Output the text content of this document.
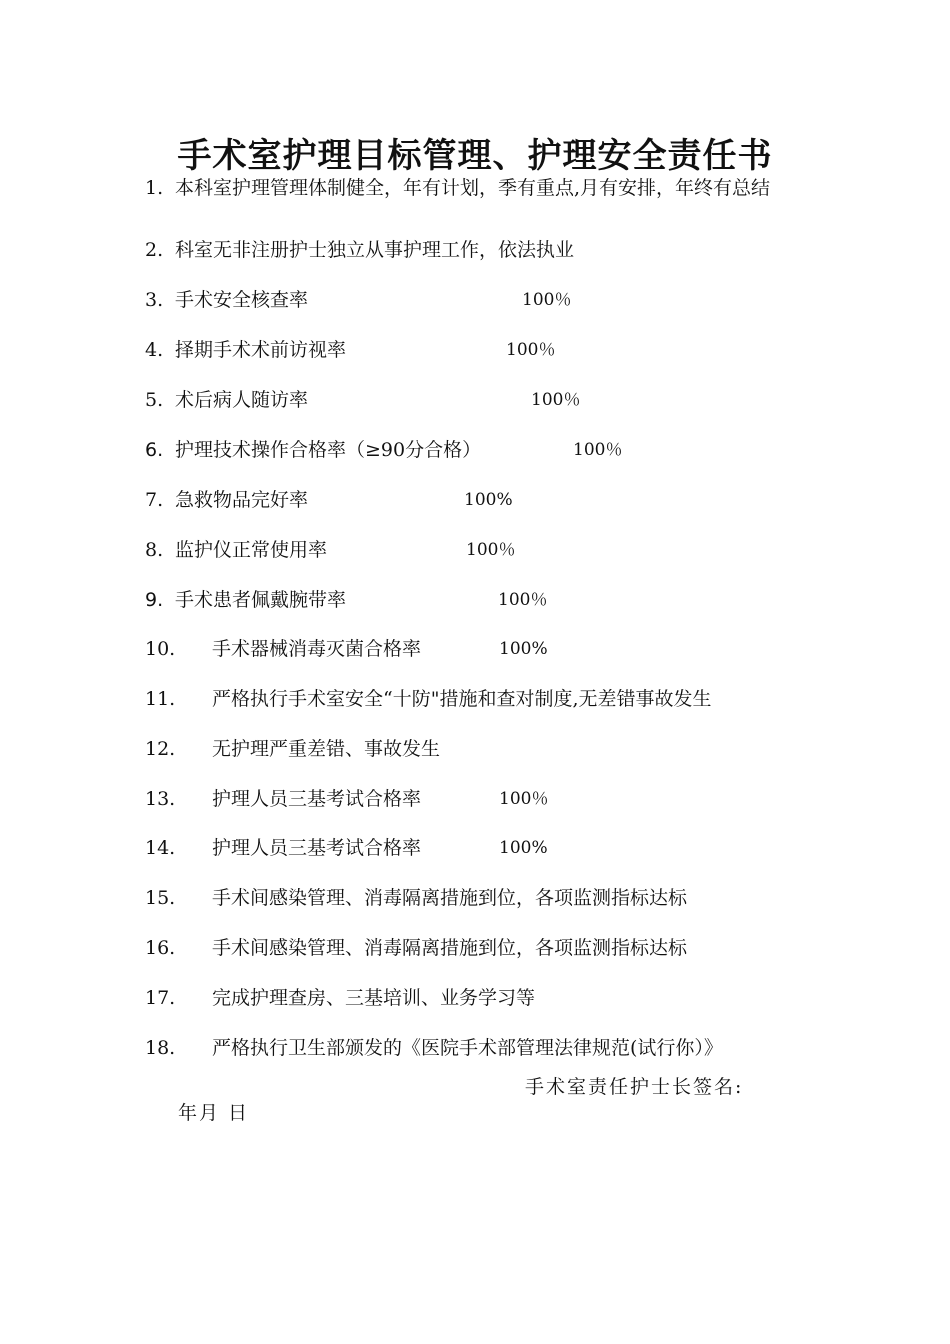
手术室护理目标管理、护理安全责任书
1. 本科室护理管理体制健全，年有计划，季有重点,月有安排，年终有总结
2. 科室无非注册护士独立从事护理工作，依法执业
3. 手术安全核查率	100％
4. 择期手术术前访视率	100％
5. 术后病人随访率	100％
6. 护理技术操作合格率（≥90分合格）	100％
7. 急救物品完好率	100%
8. 监护仪正常使用率	100％
9. 手术患者佩戴腕带率	100％
10. 手术器械消毒灭菌合格率	100%
11. 严格执行手术室安全“十防"措施和查对制度,无差错事故发生
12. 无护理严重差错、事故发生
13. 护理人员三基考试合格率	100％
14. 护理人员三基考试合格率	100%
15. 手术间感染管理、消毒隔离措施到位，各项监测指标达标
16. 手术间感染管理、消毒隔离措施到位，各项监测指标达标
17. 完成护理查房、三基培训、业务学习等
18. 严格执行卫生部颁发的《医院手术部管理法律规范(试行你）》
手术室责任护士长签名:
年月 日
